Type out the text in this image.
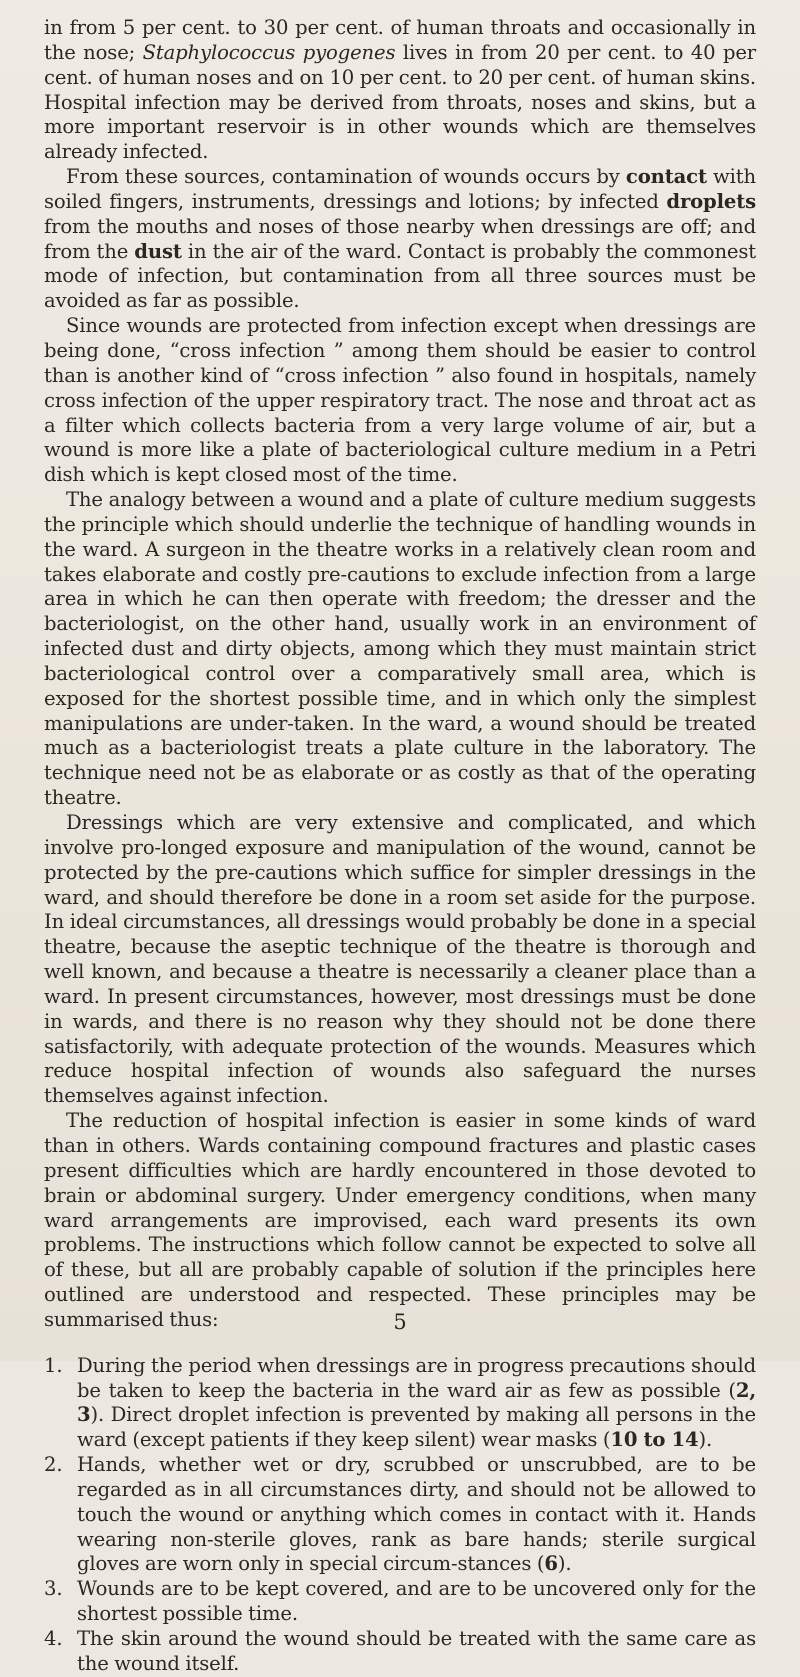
in from 5 per cent. to 30 per cent. of human throats and occasionally in the nose; Staphylococcus pyogenes lives in from 20 per cent. to 40 per cent. of human noses and on 10 per cent. to 20 per cent. of human skins. Hospital infection may be derived from throats, noses and skins, but a more important reservoir is in other wounds which are themselves already infected.

From these sources, contamination of wounds occurs by contact with soiled fingers, instruments, dressings and lotions; by infected droplets from the mouths and noses of those nearby when dressings are off; and from the dust in the air of the ward. Contact is probably the commonest mode of infection, but contamination from all three sources must be avoided as far as possible.

Since wounds are protected from infection except when dressings are being done, “cross infection ” among them should be easier to control than is another kind of “cross infection ” also found in hospitals, namely cross infection of the upper respiratory tract. The nose and throat act as a filter which collects bacteria from a very large volume of air, but a wound is more like a plate of bacteriological culture medium in a Petri dish which is kept closed most of the time.

The analogy between a wound and a plate of culture medium suggests the principle which should underlie the technique of handling wounds in the ward. A surgeon in the theatre works in a relatively clean room and takes elaborate and costly pre-cautions to exclude infection from a large area in which he can then operate with freedom; the dresser and the bacteriologist, on the other hand, usually work in an environment of infected dust and dirty objects, among which they must maintain strict bacteriological control over a comparatively small area, which is exposed for the shortest possible time, and in which only the simplest manipulations are under-taken. In the ward, a wound should be treated much as a bacteriologist treats a plate culture in the laboratory. The technique need not be as elaborate or as costly as that of the operating theatre.

Dressings which are very extensive and complicated, and which involve pro-longed exposure and manipulation of the wound, cannot be protected by the pre-cautions which suffice for simpler dressings in the ward, and should therefore be done in a room set aside for the purpose. In ideal circumstances, all dressings would probably be done in a special theatre, because the aseptic technique of the theatre is thorough and well known, and because a theatre is necessarily a cleaner place than a ward. In present circumstances, however, most dressings must be done in wards, and there is no reason why they should not be done there satisfactorily, with adequate protection of the wounds. Measures which reduce hospital infection of wounds also safeguard the nurses themselves against infection.

The reduction of hospital infection is easier in some kinds of ward than in others. Wards containing compound fractures and plastic cases present difficulties which are hardly encountered in those devoted to brain or abdominal surgery. Under emergency conditions, when many ward arrangements are improvised, each ward presents its own problems. The instructions which follow cannot be expected to solve all of these, but all are probably capable of solution if the principles here outlined are understood and respected. These principles may be summarised thus:

1. During the period when dressings are in progress precautions should be taken to keep the bacteria in the ward air as few as possible (2, 3). Direct droplet infection is prevented by making all persons in the ward (except patients if they keep silent) wear masks (10 to 14).
2. Hands, whether wet or dry, scrubbed or unscrubbed, are to be regarded as in all circumstances dirty, and should not be allowed to touch the wound or anything which comes in contact with it. Hands wearing non-sterile gloves, rank as bare hands; sterile surgical gloves are worn only in special circum-stances (6).
3. Wounds are to be kept covered, and are to be uncovered only for the shortest possible time.
4. The skin around the wound should be treated with the same care as the wound itself.
5
